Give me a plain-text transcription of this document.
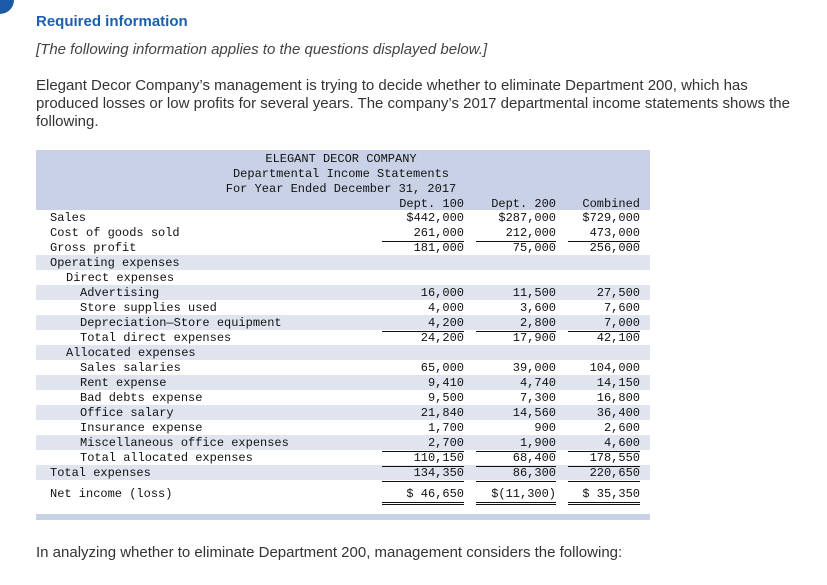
Required information
[The following information applies to the questions displayed below.]
Elegant Decor Company’s management is trying to decide whether to eliminate Department 200, which has produced losses or low profits for several years. The company’s 2017 departmental income statements shows the following.
ELEGANT DECOR COMPANY
Departmental Income Statements
For Year Ended December 31, 2017
Dept. 100	Dept. 200	Combined
Sales	$442,000	$287,000	$729,000
Cost of goods sold	261,000	212,000	473,000
Gross profit	181,000	75,000	256,000
Operating expenses
Direct expenses
Advertising	16,000	11,500	27,500
Store supplies used	4,000	3,600	7,600
Depreciation—Store equipment	4,200	2,800	7,000
Total direct expenses	24,200	17,900	42,100
Allocated expenses
Sales salaries	65,000	39,000	104,000
Rent expense	9,410	4,740	14,150
Bad debts expense	9,500	7,300	16,800
Office salary	21,840	14,560	36,400
Insurance expense	1,700	900	2,600
Miscellaneous office expenses	2,700	1,900	4,600
Total allocated expenses	110,150	68,400	178,550
Total expenses	134,350	86,300	220,650
Net income (loss)	$ 46,650	$(11,300)	$ 35,350
In analyzing whether to eliminate Department 200, management considers the following:
